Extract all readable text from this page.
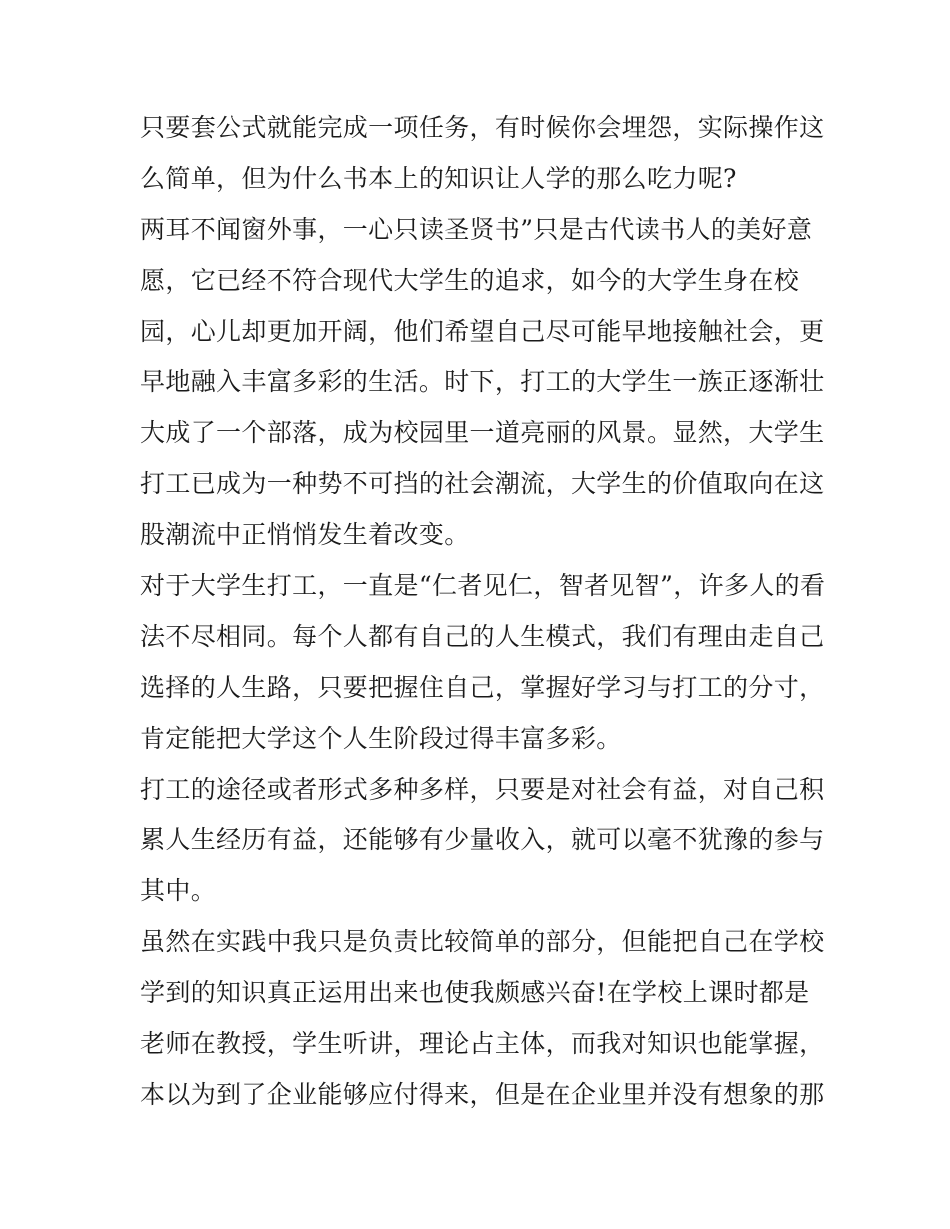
只要套公式就能完成一项任务，有时候你会埋怨，实际操作这
么简单，但为什么书本上的知识让人学的那么吃力呢?
两耳不闻窗外事，一心只读圣贤书”只是古代读书人的美好意
愿，它已经不符合现代大学生的追求，如今的大学生身在校
园，心儿却更加开阔，他们希望自己尽可能早地接触社会，更
早地融入丰富多彩的生活。时下，打工的大学生一族正逐渐壮
大成了一个部落，成为校园里一道亮丽的风景。显然，大学生
打工已成为一种势不可挡的社会潮流，大学生的价值取向在这
股潮流中正悄悄发生着改变。
对于大学生打工，一直是“仁者见仁，智者见智”，许多人的看
法不尽相同。每个人都有自己的人生模式，我们有理由走自己
选择的人生路，只要把握住自己，掌握好学习与打工的分寸，
肯定能把大学这个人生阶段过得丰富多彩。
打工的途径或者形式多种多样，只要是对社会有益，对自己积
累人生经历有益，还能够有少量收入，就可以毫不犹豫的参与
其中。
虽然在实践中我只是负责比较简单的部分，但能把自己在学校
学到的知识真正运用出来也使我颇感兴奋!在学校上课时都是
老师在教授，学生听讲，理论占主体，而我对知识也能掌握，
本以为到了企业能够应付得来，但是在企业里并没有想象的那
